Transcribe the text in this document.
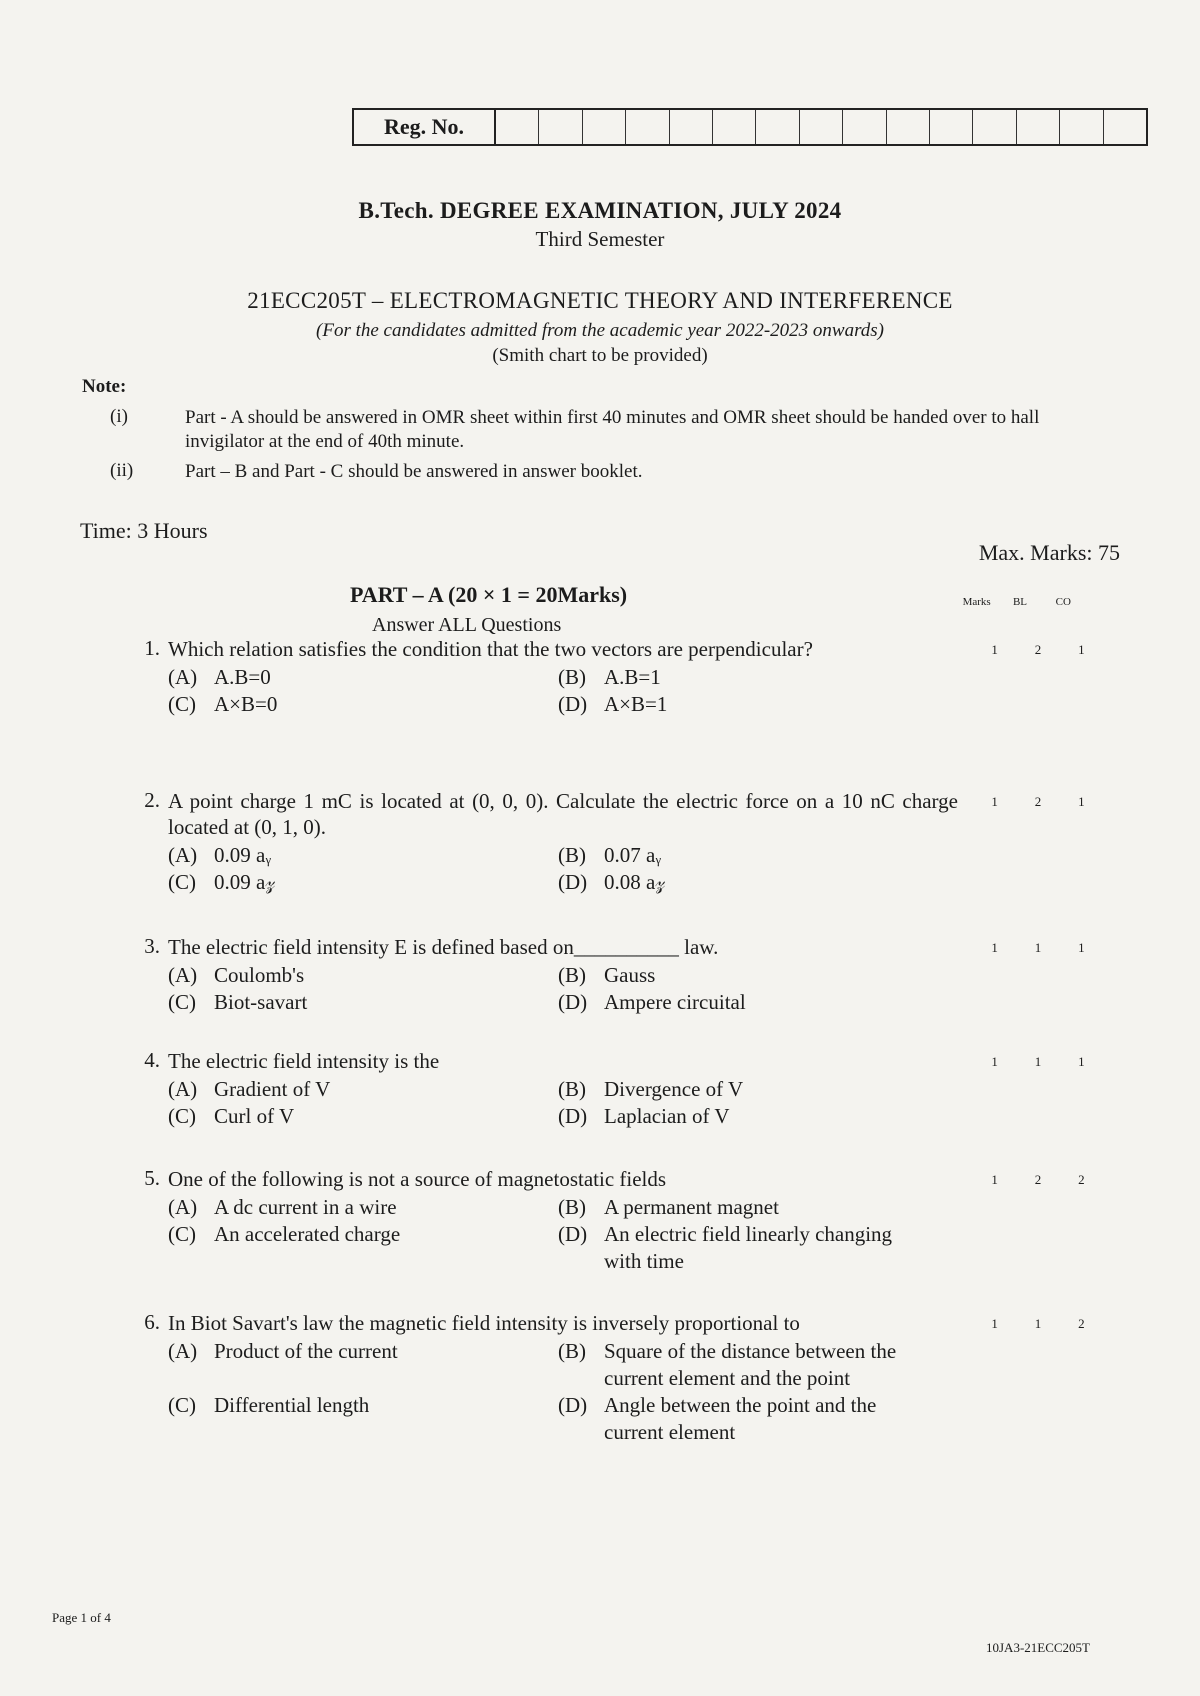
Reg. No.
B.Tech. DEGREE EXAMINATION, JULY 2024
Third Semester
21ECC205T – ELECTROMAGNETIC THEORY AND INTERFERENCE
(For the candidates admitted from the academic year 2022-2023 onwards)
(Smith chart to be provided)
Note:
(i)	Part - A should be answered in OMR sheet within first 40 minutes and OMR sheet should be handed over to hall invigilator at the end of 40th minute.
(ii)	Part – B and Part - C should be answered in answer booklet.
Time: 3 Hours
Max. Marks: 75
PART – A (20 × 1 = 20Marks)
Answer ALL Questions
Marks	BL	CO
1. Which relation satisfies the condition that the two vectors are perpendicular?	1	2	1
(A) A.B=0	(B) A.B=1
(C) A×B=0	(D) A×B=1
2. A point charge 1 mC is located at (0, 0, 0). Calculate the electric force on a 10 nC charge located at (0, 1, 0).
1	2	1
(A) 0.09 aᵧ	(B) 0.07 aᵧ
(C) 0.09 a𝓏	(D) 0.08 a𝓏
3. The electric field intensity E is defined based on__________ law.	1	1	1
(A) Coulomb's	(B) Gauss
(C) Biot-savart	(D) Ampere circuital
4. The electric field intensity is the	1	1	1
(A) Gradient of V	(B) Divergence of V
(C) Curl of V	(D) Laplacian of V
5. One of the following is not a source of magnetostatic fields	1	2	2
(A) A dc current in a wire	(B) A permanent magnet
(C) An accelerated charge	(D) An electric field linearly changing with time
6. In Biot Savart's law the magnetic field intensity is inversely proportional to	1	1	2
(A) Product of the current	(B) Square of the distance between the current element and the point
(C) Differential length	(D) Angle between the point and the current element
Page 1 of 4
10JA3-21ECC205T
